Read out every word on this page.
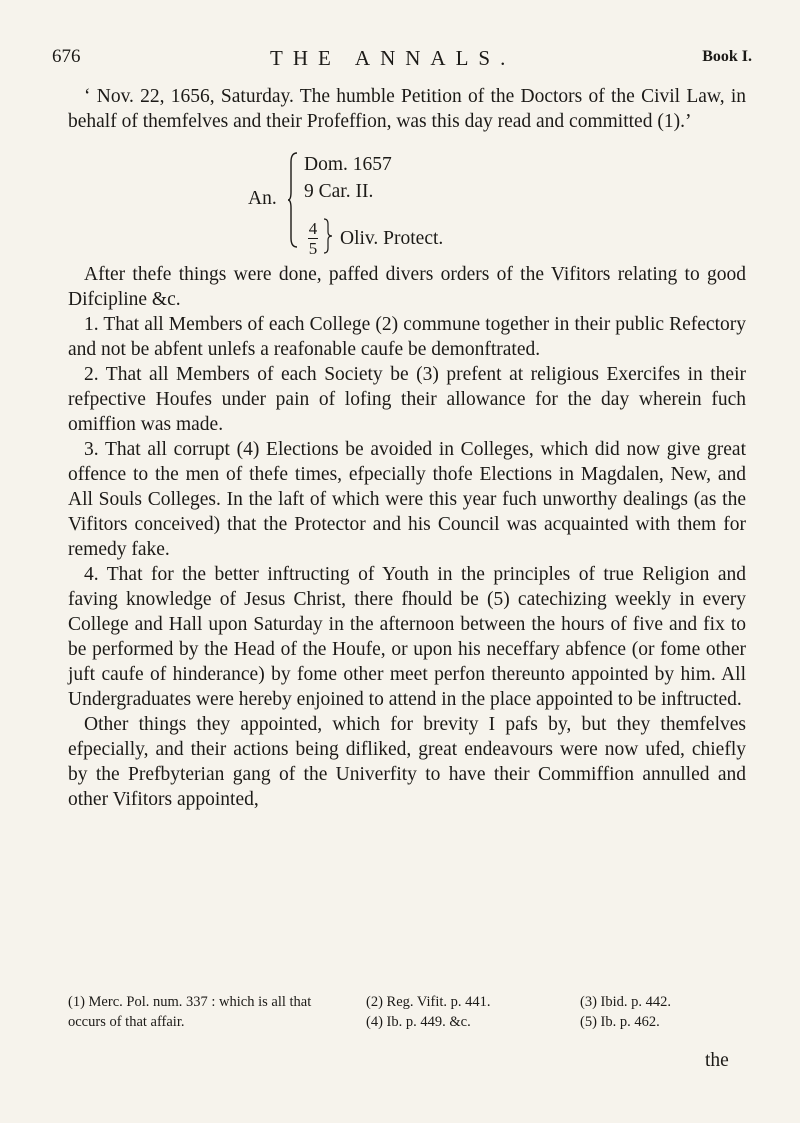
676	THE ANNALS.	Book I.

‘ Nov. 22, 1656, Saturday. The humble Petition of the Doctors of the Civil Law, in behalf of themfelves and their Profeffion, was this day read and committed (1).’

An.
Dom. 1657
9 Car. II.
4
5 Oliv. Protect.

After thefe things were done, paffed divers orders of the Vifitors relating to good Difcipline &c.

1. That all Members of each College (2) commune together in their public Refectory and not be abfent unlefs a reafonable caufe be demonftrated.

2. That all Members of each Society be (3) prefent at religious Exercifes in their refpective Houfes under pain of lofing their allowance for the day wherein fuch omiffion was made.

3. That all corrupt (4) Elections be avoided in Colleges, which did now give great offence to the men of thefe times, efpecially thofe Elections in Magdalen, New, and All Souls Colleges. In the laft of which were this year fuch unworthy dealings (as the Vifitors conceived) that the Protector and his Council was acquainted with them for remedy fake.

4. That for the better inftructing of Youth in the principles of true Religion and faving knowledge of Jesus Christ, there fhould be (5) catechizing weekly in every College and Hall upon Saturday in the afternoon between the hours of five and fix to be performed by the Head of the Houfe, or upon his neceffary abfence (or fome other juft caufe of hinderance) by fome other meet perfon thereunto appointed by him. All Undergraduates were hereby enjoined to attend in the place appointed to be inftructed.

Other things they appointed, which for brevity I pafs by, but they themfelves efpecially, and their actions being difliked, great endeavours were now ufed, chiefly by the Prefbyterian gang of the Univerfity to have their Commiffion annulled and other Vifitors appointed,

(1) Merc. Pol. num. 337 : which is all that
occurs of that affair.
(2) Reg. Vifit. p. 441.
(4) Ib. p. 449. &c.
(3) Ibid. p. 442.
(5) Ib. p. 462.
the
